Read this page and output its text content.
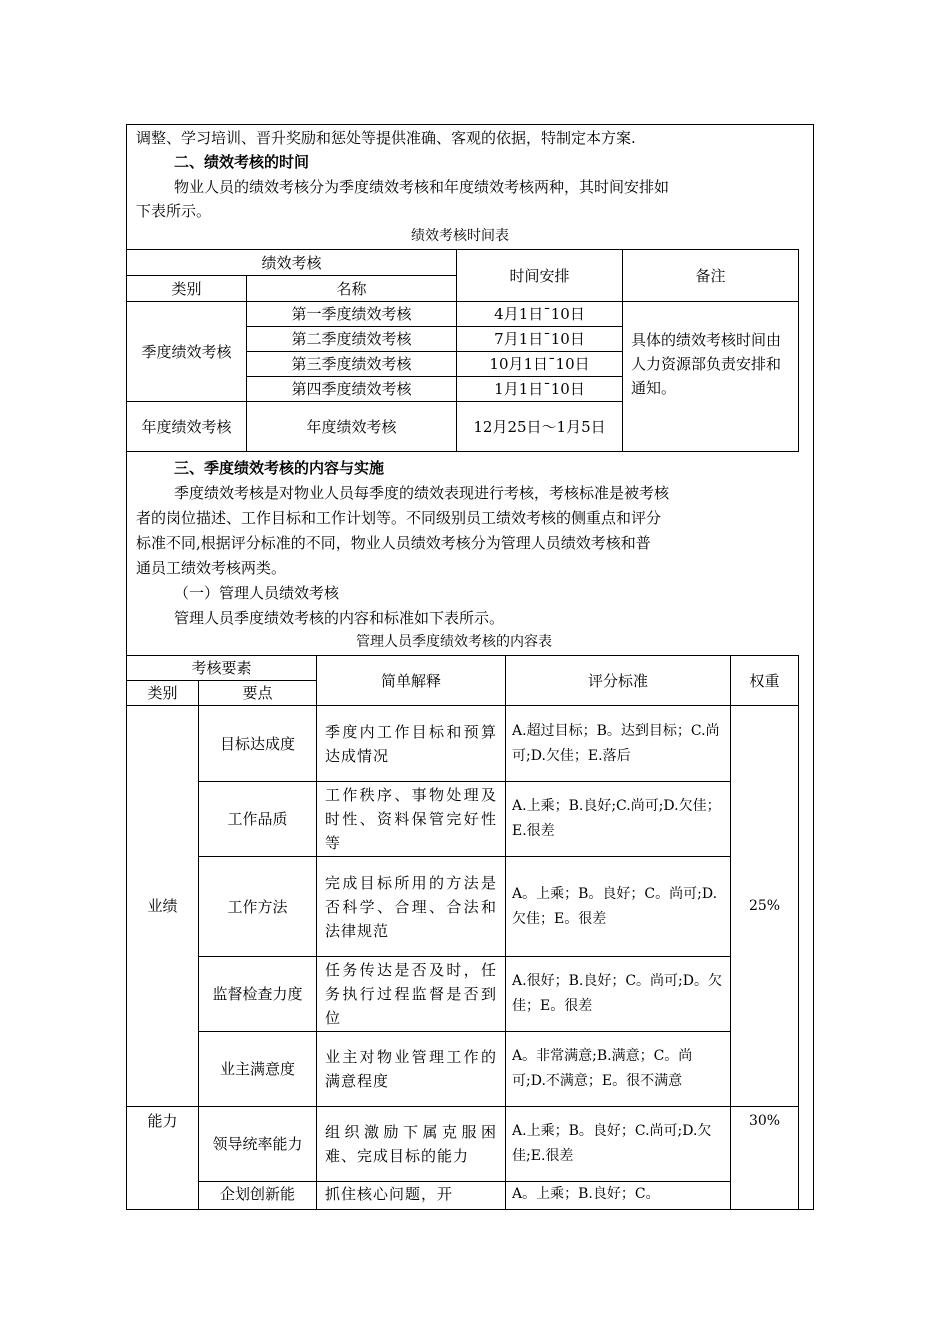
调整、学习培训、晋升奖励和惩处等提供准确、客观的依据，特制定本方案.
二、绩效考核的时间
物业人员的绩效考核分为季度绩效考核和年度绩效考核两种，其时间安排如
下表所示。
绩效考核时间表
绩效考核		时间安排	备注
类别	名称		
季度绩效考核	第一季度绩效考核	4月1日¯10日	具体的绩效考核时间由人力资源部负责安排和通知。
	第二季度绩效考核	7月1日¯10日	
	第三季度绩效考核	10月1日¯10日	
	第四季度绩效考核	1月1日¯10日	
年度绩效考核	年度绩效考核	12月25日～1月5日	
三、季度绩效考核的内容与实施
季度绩效考核是对物业人员每季度的绩效表现进行考核，考核标准是被考核
者的岗位描述、工作目标和工作计划等。不同级别员工绩效考核的侧重点和评分
标准不同,根据评分标准的不同，物业人员绩效考核分为管理人员绩效考核和普
通员工绩效考核两类。
（一）管理人员绩效考核
管理人员季度绩效考核的内容和标准如下表所示。
管理人员季度绩效考核的内容表
考核要素		简单解释	评分标准	权重
类别	要点			
业绩	目标达成度	季度内工作目标和预算达成情况	A.超过目标；B。达到目标；C.尚可;D.欠佳；E.落后	25%
	工作品质	工作秩序、事物处理及时性、资料保管完好性等	A.上乘；B.良好;C.尚可;D.欠佳；E.很差	
	工作方法	完成目标所用的方法是否科学、合理、合法和法律规范	A。上乘；B。良好；C。尚可;D.欠佳；E。很差	
	监督检查力度	任务传达是否及时，任务执行过程监督是否到位	A.很好；B.良好；C。尚可;D。欠佳；E。很差	
	业主满意度	业主对物业管理工作的满意程度	A。非常满意;B.满意；C。尚可;D.不满意；E。很不满意	
能力	领导统率能力	组织激励下属克服困难、完成目标的能力	A.上乘；B。良好；C.尚可;D.欠佳;E.很差	30%
	企划创新能	抓住核心问题，开	A。上乘；B.良好；C。	
